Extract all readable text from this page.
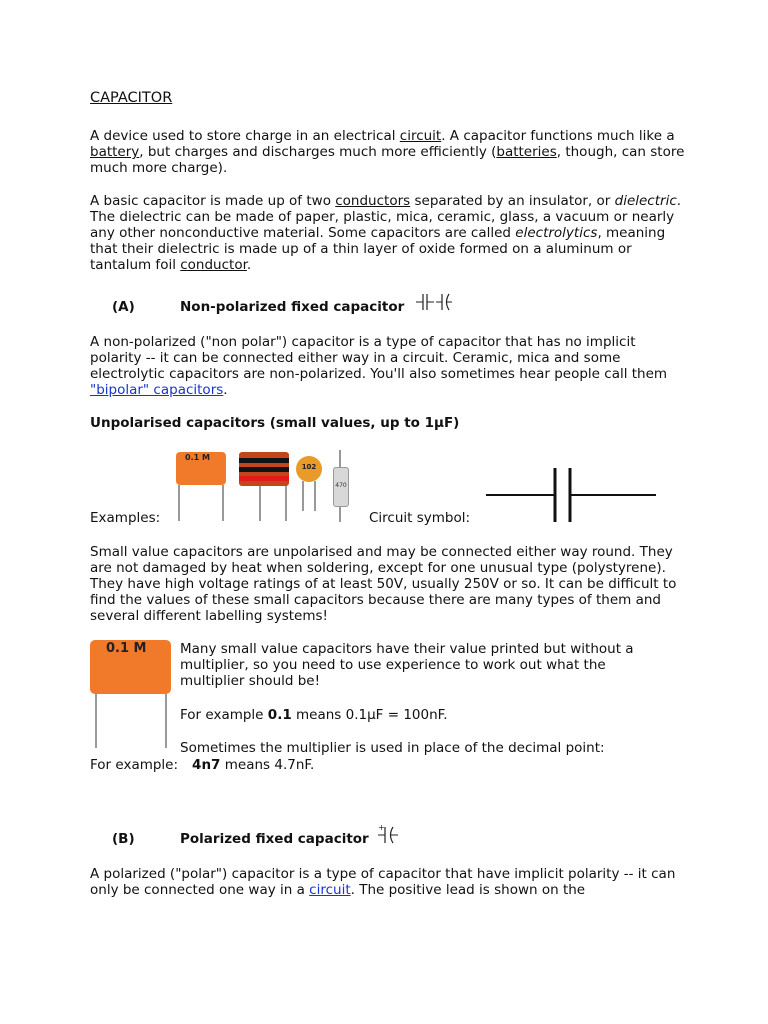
CAPACITOR
A device used to store charge in an electrical circuit. A capacitor functions much like a battery, but charges and discharges much more efficiently (batteries, though, can store much more charge).
A basic capacitor is made up of two conductors separated by an insulator, or dielectric. The dielectric can be made of paper, plastic, mica, ceramic, glass, a vacuum or nearly any other nonconductive material. Some capacitors are called electrolytics, meaning that their dielectric is made up of a thin layer of oxide formed on a aluminum or tantalum foil conductor.
(A)	Non-polarized fixed capacitor
A non-polarized ("non polar") capacitor is a type of capacitor that has no implicit polarity -- it can be connected either way in a circuit. Ceramic, mica and some electrolytic capacitors are non-polarized. You'll also sometimes hear people call them "bipolar" capacitors.
Unpolarised capacitors (small values, up to 1µF)
0.1 M
102
470
Examples:	Circuit symbol:
Small value capacitors are unpolarised and may be connected either way round. They are not damaged by heat when soldering, except for one unusual type (polystyrene). They have high voltage ratings of at least 50V, usually 250V or so. It can be difficult to find the values of these small capacitors because there are many types of them and several different labelling systems!
0.1 M Many small value capacitors have their value printed but without a multiplier, so you need to use experience to work out what the multiplier should be!
For example 0.1 means 0.1µF = 100nF.
Sometimes the multiplier is used in place of the decimal point:
For example: 4n7 means 4.7nF.
(B)	Polarized fixed capacitor
+
A polarized ("polar") capacitor is a type of capacitor that have implicit polarity -- it can only be connected one way in a circuit. The positive lead is shown on the
